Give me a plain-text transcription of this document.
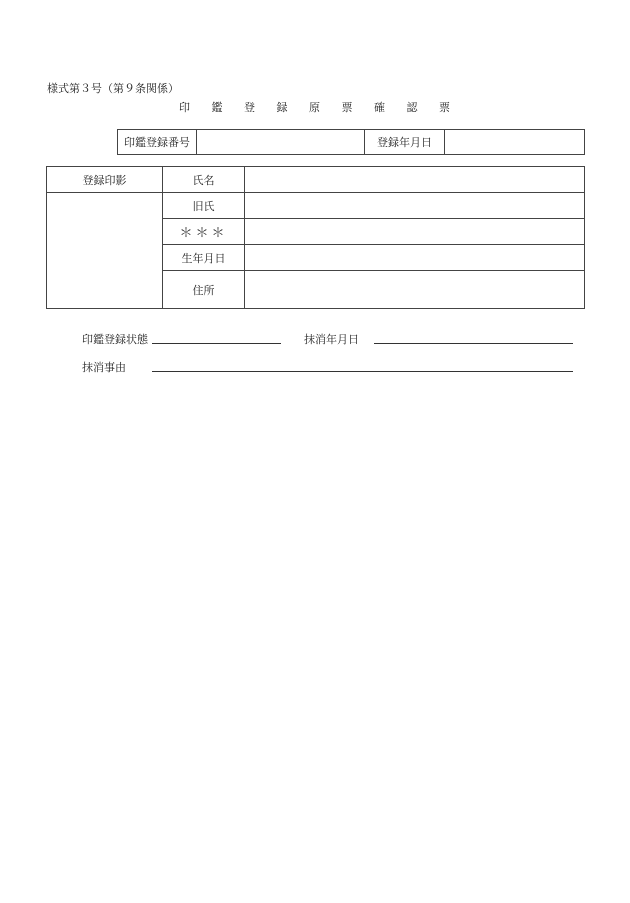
様式第３号（第９条関係）
印 鑑 登 録 原 票 確 認 票
印鑑登録番号		登録年月日	
登録印影	氏名	
	旧氏	
	＊＊＊	
	生年月日	
	住所	
印鑑登録状態	抹消年月日
抹消事由
